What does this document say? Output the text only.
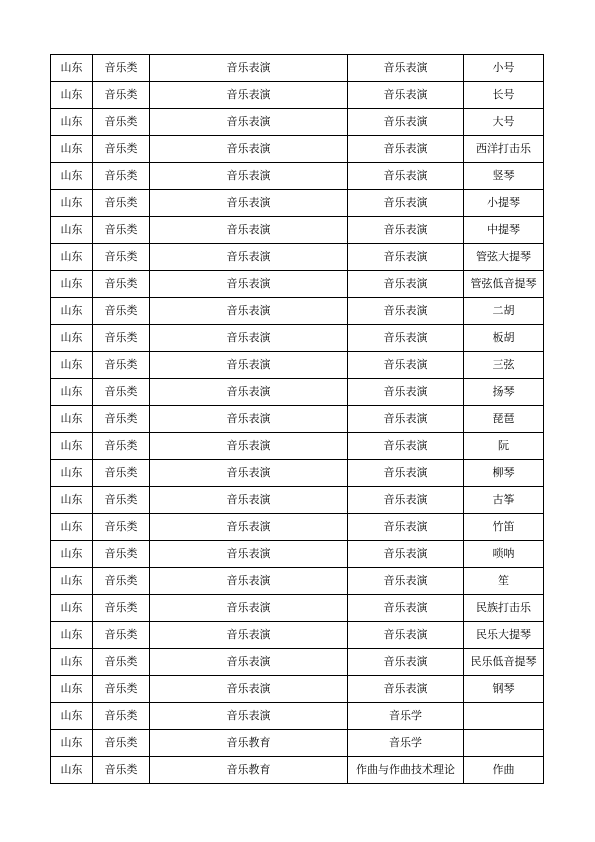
山东	音乐类	音乐表演	音乐表演	小号
山东	音乐类	音乐表演	音乐表演	长号
山东	音乐类	音乐表演	音乐表演	大号
山东	音乐类	音乐表演	音乐表演	西洋打击乐
山东	音乐类	音乐表演	音乐表演	竖琴
山东	音乐类	音乐表演	音乐表演	小提琴
山东	音乐类	音乐表演	音乐表演	中提琴
山东	音乐类	音乐表演	音乐表演	管弦大提琴
山东	音乐类	音乐表演	音乐表演	管弦低音提琴
山东	音乐类	音乐表演	音乐表演	二胡
山东	音乐类	音乐表演	音乐表演	板胡
山东	音乐类	音乐表演	音乐表演	三弦
山东	音乐类	音乐表演	音乐表演	扬琴
山东	音乐类	音乐表演	音乐表演	琵琶
山东	音乐类	音乐表演	音乐表演	阮
山东	音乐类	音乐表演	音乐表演	柳琴
山东	音乐类	音乐表演	音乐表演	古筝
山东	音乐类	音乐表演	音乐表演	竹笛
山东	音乐类	音乐表演	音乐表演	唢呐
山东	音乐类	音乐表演	音乐表演	笙
山东	音乐类	音乐表演	音乐表演	民族打击乐
山东	音乐类	音乐表演	音乐表演	民乐大提琴
山东	音乐类	音乐表演	音乐表演	民乐低音提琴
山东	音乐类	音乐表演	音乐表演	钢琴
山东	音乐类	音乐表演	音乐学	
山东	音乐类	音乐教育	音乐学	
山东	音乐类	音乐教育	作曲与作曲技术理论	作曲
